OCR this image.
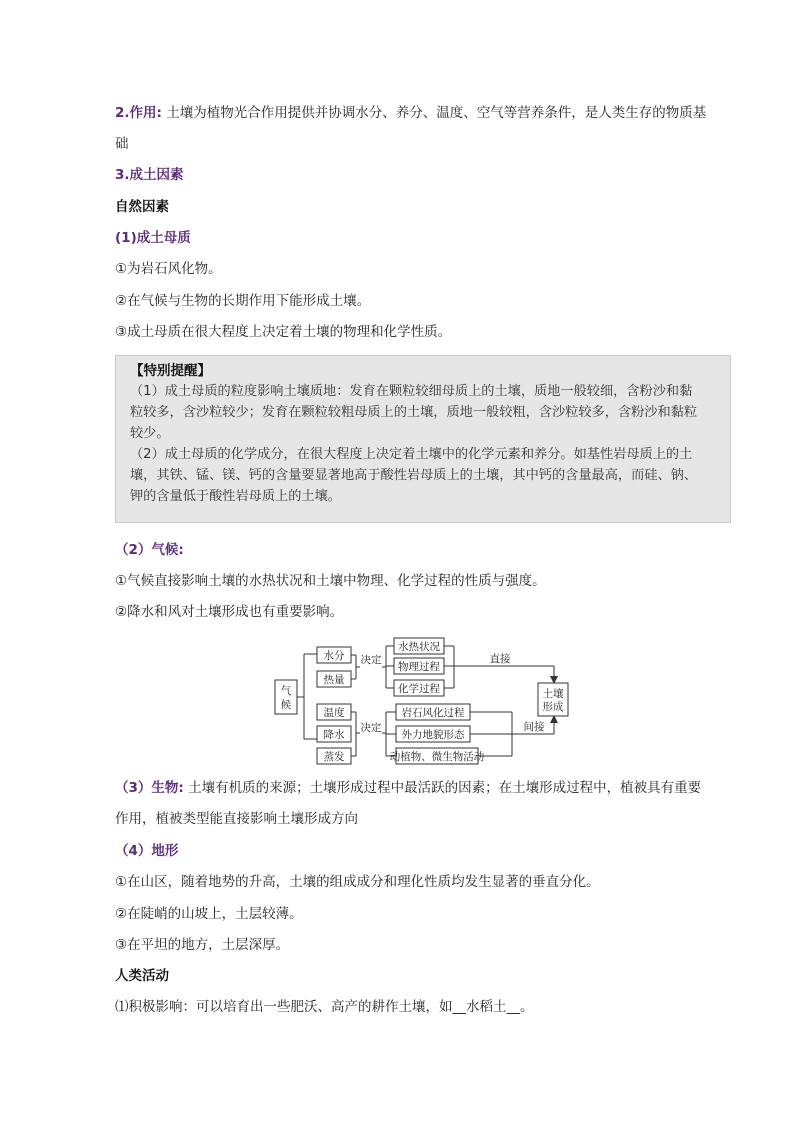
2.作用: 土壤为植物光合作用提供并协调水分、养分、温度、空气等营养条件，是人类生存的物质基
础
3.成土因素
自然因素
(1)成土母质
①为岩石风化物。
②在气候与生物的长期作用下能形成土壤。
③成土母质在很大程度上决定着土壤的物理和化学性质。
【特别提醒】
（1）成土母质的粒度影响土壤质地：发育在颗粒较细母质上的土壤，质地一般较细，含粉沙和黏
粒较多，含沙粒较少；发育在颗粒较粗母质上的土壤，质地一般较粗，含沙粒较多，含粉沙和黏粒
较少。
（2）成土母质的化学成分，在很大程度上决定着土壤中的化学元素和养分。如基性岩母质上的土
壤，其铁、锰、镁、钙的含量要显著地高于酸性岩母质上的土壤，其中钙的含量最高，而硅、钠、
钾的含量低于酸性岩母质上的土壤。
（2）气候:
①气候直接影响土壤的水热状况和土壤中物理、化学过程的性质与强度。
②降水和风对土壤形成也有重要影响。
气
候
水分
热量
决定
水热状况
物理过程
化学过程
直接
温度
降水
蒸发
决定
岩石风化过程
外力地貌形态
动植物、微生物活动
间接
土壤
形成
（3）生物: 土壤有机质的来源；土壤形成过程中最活跃的因素；在土壤形成过程中，植被具有重要
作用，植被类型能直接影响土壤形成方向
（4）地形
①在山区，随着地势的升高，土壤的组成成分和理化性质均发生显著的垂直分化。
②在陡峭的山坡上，土层较薄。
③在平坦的地方，土层深厚。
人类活动
⑴积极影响：可以培育出一些肥沃、高产的耕作土壤，如__水稻土__。
